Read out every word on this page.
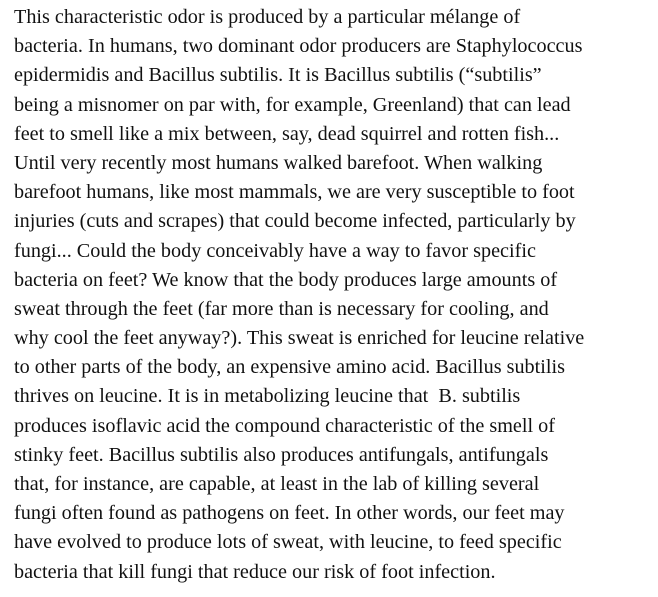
This characteristic odor is produced by a particular mélange of
bacteria. In humans, two dominant odor producers are Staphylococcus
epidermidis and Bacillus subtilis. It is Bacillus subtilis (“subtilis”
being a misnomer on par with, for example, Greenland) that can lead
feet to smell like a mix between, say, dead squirrel and rotten fish...
Until very recently most humans walked barefoot. When walking
barefoot humans, like most mammals, we are very susceptible to foot
injuries (cuts and scrapes) that could become infected, particularly by
fungi... Could the body conceivably have a way to favor specific
bacteria on feet? We know that the body produces large amounts of
sweat through the feet (far more than is necessary for cooling, and
why cool the feet anyway?). This sweat is enriched for leucine relative
to other parts of the body, an expensive amino acid. Bacillus subtilis
thrives on leucine. It is in metabolizing leucine that  B. subtilis
produces isoflavic acid the compound characteristic of the smell of
stinky feet. Bacillus subtilis also produces antifungals, antifungals
that, for instance, are capable, at least in the lab of killing several
fungi often found as pathogens on feet. In other words, our feet may
have evolved to produce lots of sweat, with leucine, to feed specific
bacteria that kill fungi that reduce our risk of foot infection.
